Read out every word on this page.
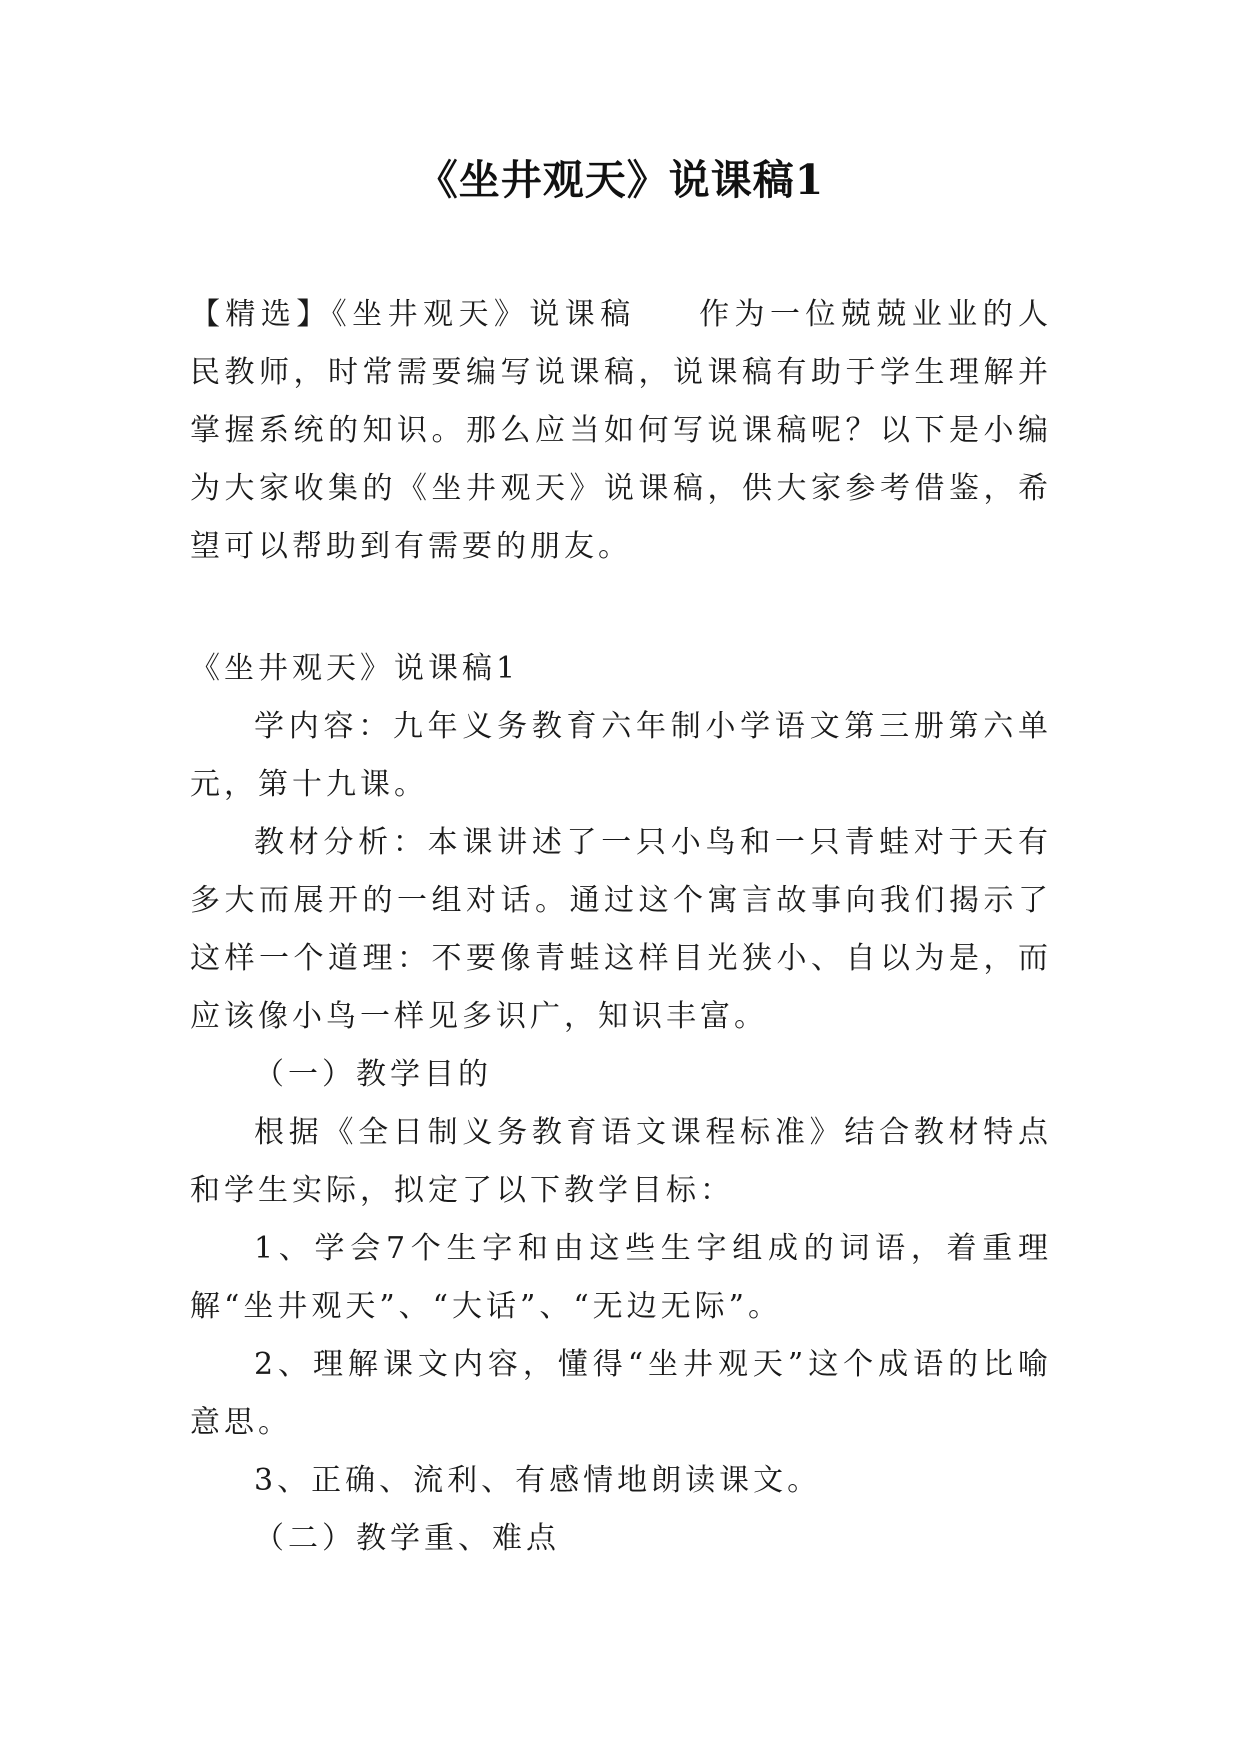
《坐井观天》说课稿1
【精选】《坐井观天》说课稿 作为一位兢兢业业的人民教师，时常需要编写说课稿，说课稿有助于学生理解并掌握系统的知识。那么应当如何写说课稿呢？以下是小编为大家收集的《坐井观天》说课稿，供大家参考借鉴，希望可以帮助到有需要的朋友。

《坐井观天》说课稿1

学内容：九年义务教育六年制小学语文第三册第六单元，第十九课。

教材分析：本课讲述了一只小鸟和一只青蛙对于天有多大而展开的一组对话。通过这个寓言故事向我们揭示了这样一个道理：不要像青蛙这样目光狭小、自以为是，而应该像小鸟一样见多识广，知识丰富。

（一）教学目的

根据《全日制义务教育语文课程标准》结合教材特点和学生实际，拟定了以下教学目标：

1、学会7个生字和由这些生字组成的词语，着重理解“坐井观天”、“大话”、“无边无际”。

2、理解课文内容，懂得“坐井观天”这个成语的比喻意思。

3、正确、流利、有感情地朗读课文。

（二）教学重、难点
